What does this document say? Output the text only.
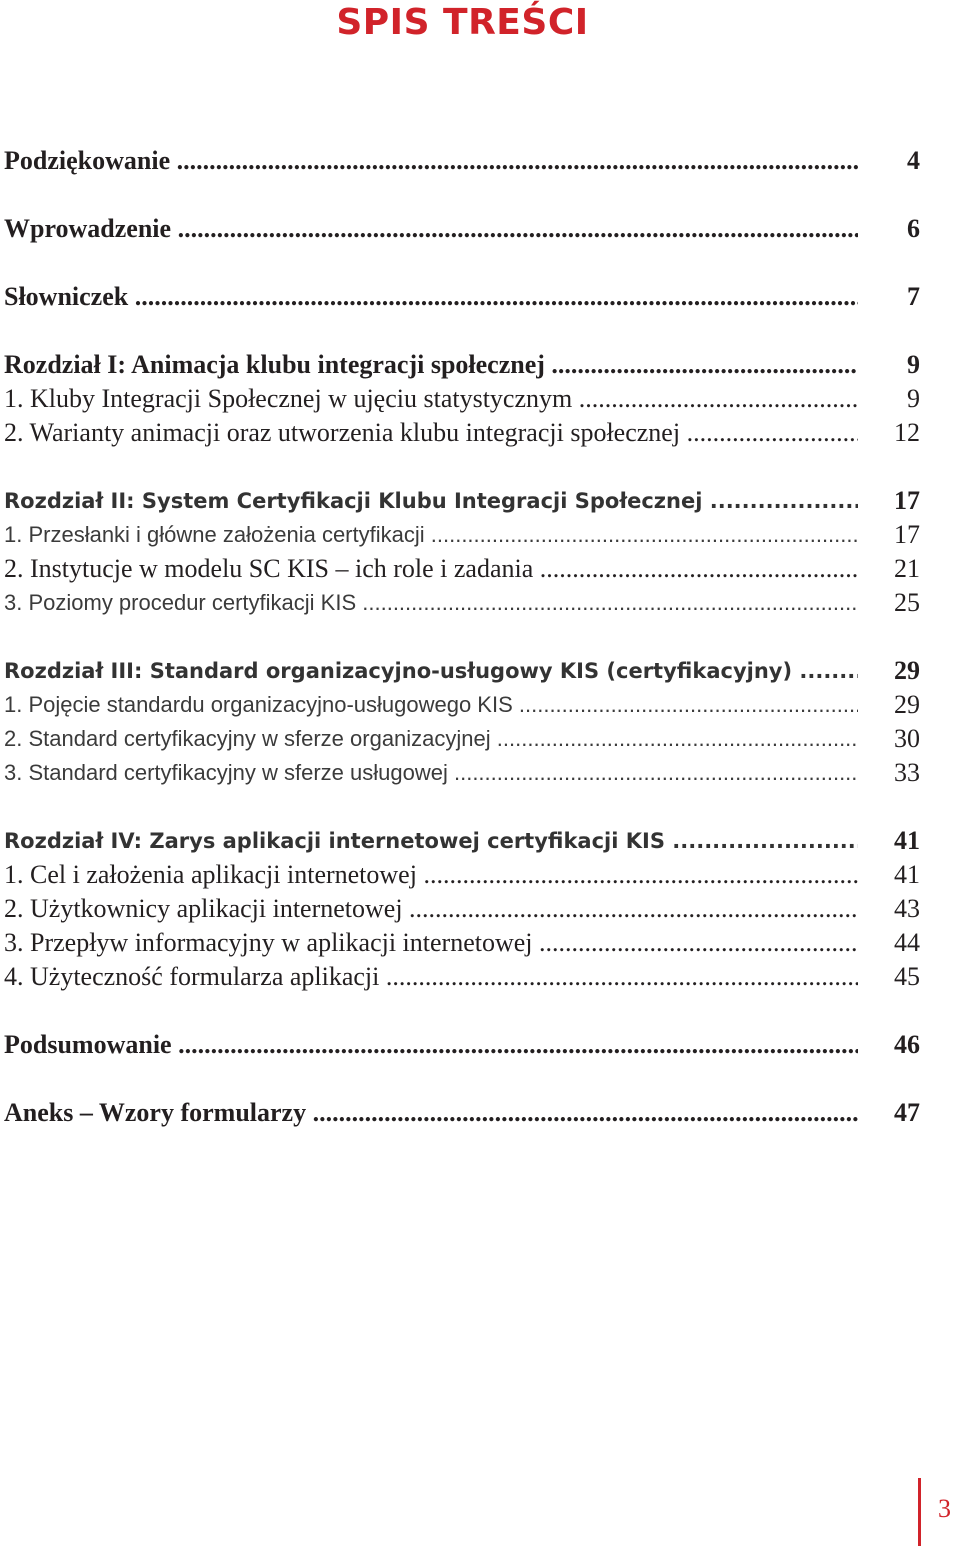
SPIS TREŚCI
Podziękowanie .....	4
Wprowadzenie .....	6
Słowniczek .....	7
Rozdział I: Animacja klubu integracji społecznej .....	9
1. Kluby Integracji Społecznej w ujęciu statystycznym .....	9
2. Warianty animacji oraz utworzenia klubu integracji społecznej .....	12
Rozdział II: System Certyfikacji Klubu Integracji Społecznej .....	17
1. Przesłanki i główne założenia certyfikacji .....	17
2. Instytucje w modelu SC KIS – ich role i zadania .....	21
3. Poziomy procedur certyfikacji KIS .....	25
Rozdział III: Standard organizacyjno-usługowy KIS (certyfikacyjny) .....	29
1. Pojęcie standardu organizacyjno-usługowego KIS .....	29
2. Standard certyfikacyjny w sferze organizacyjnej .....	30
3. Standard certyfikacyjny w sferze usługowej .....	33
Rozdział IV: Zarys aplikacji internetowej certyfikacji KIS .....	41
1. Cel i założenia aplikacji internetowej .....	41
2. Użytkownicy aplikacji internetowej .....	43
3. Przepływ informacyjny w aplikacji internetowej .....	44
4. Użyteczność formularza aplikacji .....	45
Podsumowanie .....	46
Aneks – Wzory formularzy .....	47
3
